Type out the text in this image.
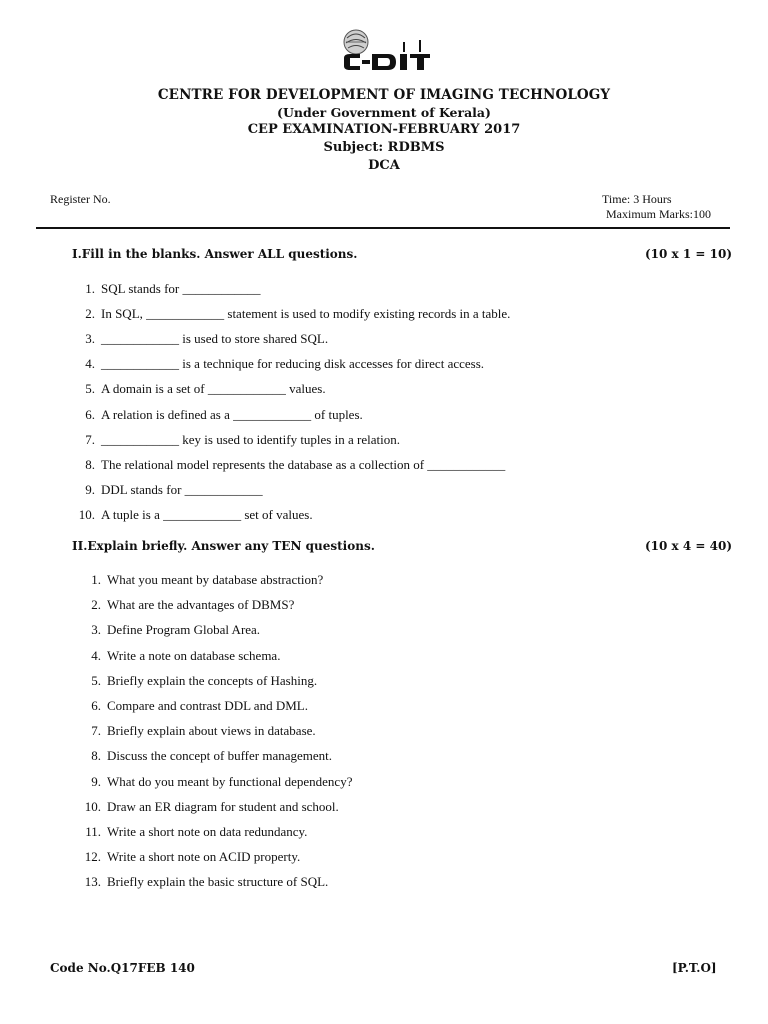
CENTRE FOR DEVELOPMENT OF IMAGING TECHNOLOGY
(Under Government of Kerala)
CEP EXAMINATION-FEBRUARY 2017
Subject: RDBMS
DCA
Register No.	Time: 3 Hours
Maximum Marks:100
I.Fill in the blanks. Answer ALL questions.	(10 x 1 = 10)
1. SQL stands for ____________
2. In SQL, ____________ statement is used to modify existing records in a table.
3. ____________ is used to store shared SQL.
4. ____________ is a technique for reducing disk accesses for direct access.
5. A domain is a set of ____________ values.
6. A relation is defined as a ____________ of tuples.
7. ____________ key is used to identify tuples in a relation.
8. The relational model represents the database as a collection of ____________
9. DDL stands for ____________
10. A tuple is a ____________ set of values.
II.Explain briefly. Answer any TEN questions.	(10 x 4 = 40)
1. What you meant by database abstraction?
2. What are the advantages of DBMS?
3. Define Program Global Area.
4. Write a note on database schema.
5. Briefly explain the concepts of Hashing.
6. Compare and contrast DDL and DML.
7. Briefly explain about views in database.
8. Discuss the concept of buffer management.
9. What do you meant by functional dependency?
10. Draw an ER diagram for student and school.
11. Write a short note on data redundancy.
12. Write a short note on ACID property.
13. Briefly explain the basic structure of SQL.
Code No.Q17FEB 140	[P.T.O]
